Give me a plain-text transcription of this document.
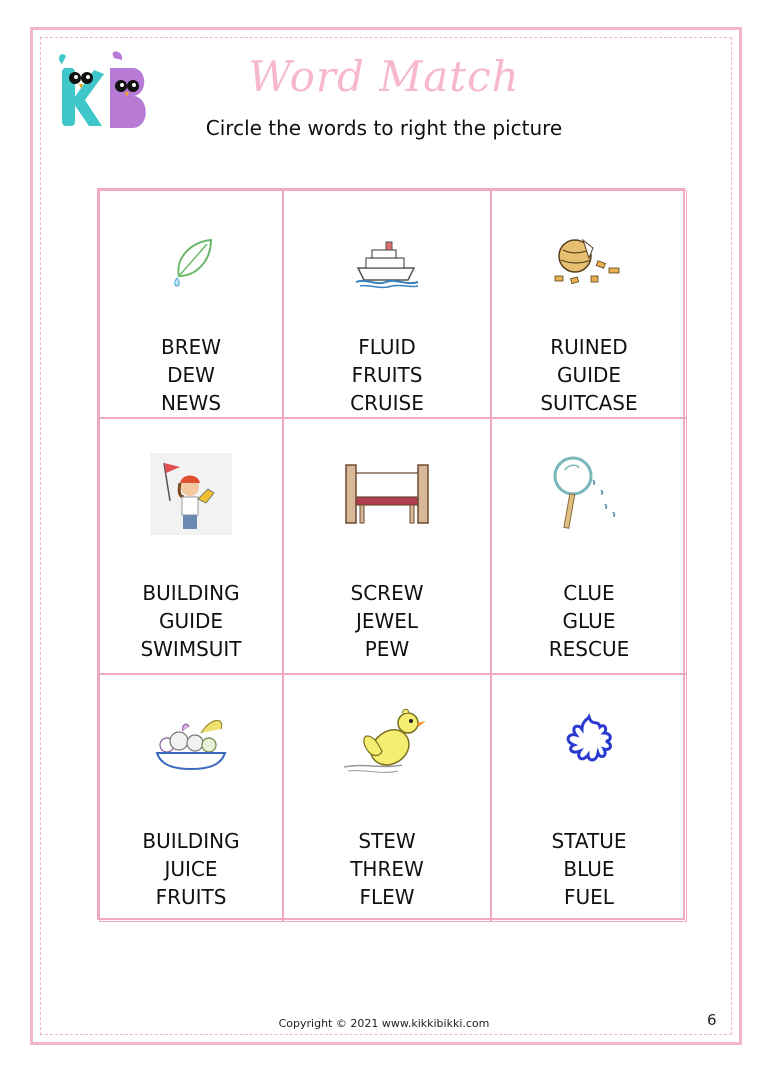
Word Match
Circle the words to right the picture
BREW
DEW
NEWS
FLUID
FRUITS
CRUISE
RUINED
GUIDE
SUITCASE
BUILDING
GUIDE
SWIMSUIT
SCREW
JEWEL
PEW
CLUE
GLUE
RESCUE
BUILDING
JUICE
FRUITS
STEW
THREW
FLEW
STATUE
BLUE
FUEL
Copyright © 2021 www.kikkibikki.com	6
